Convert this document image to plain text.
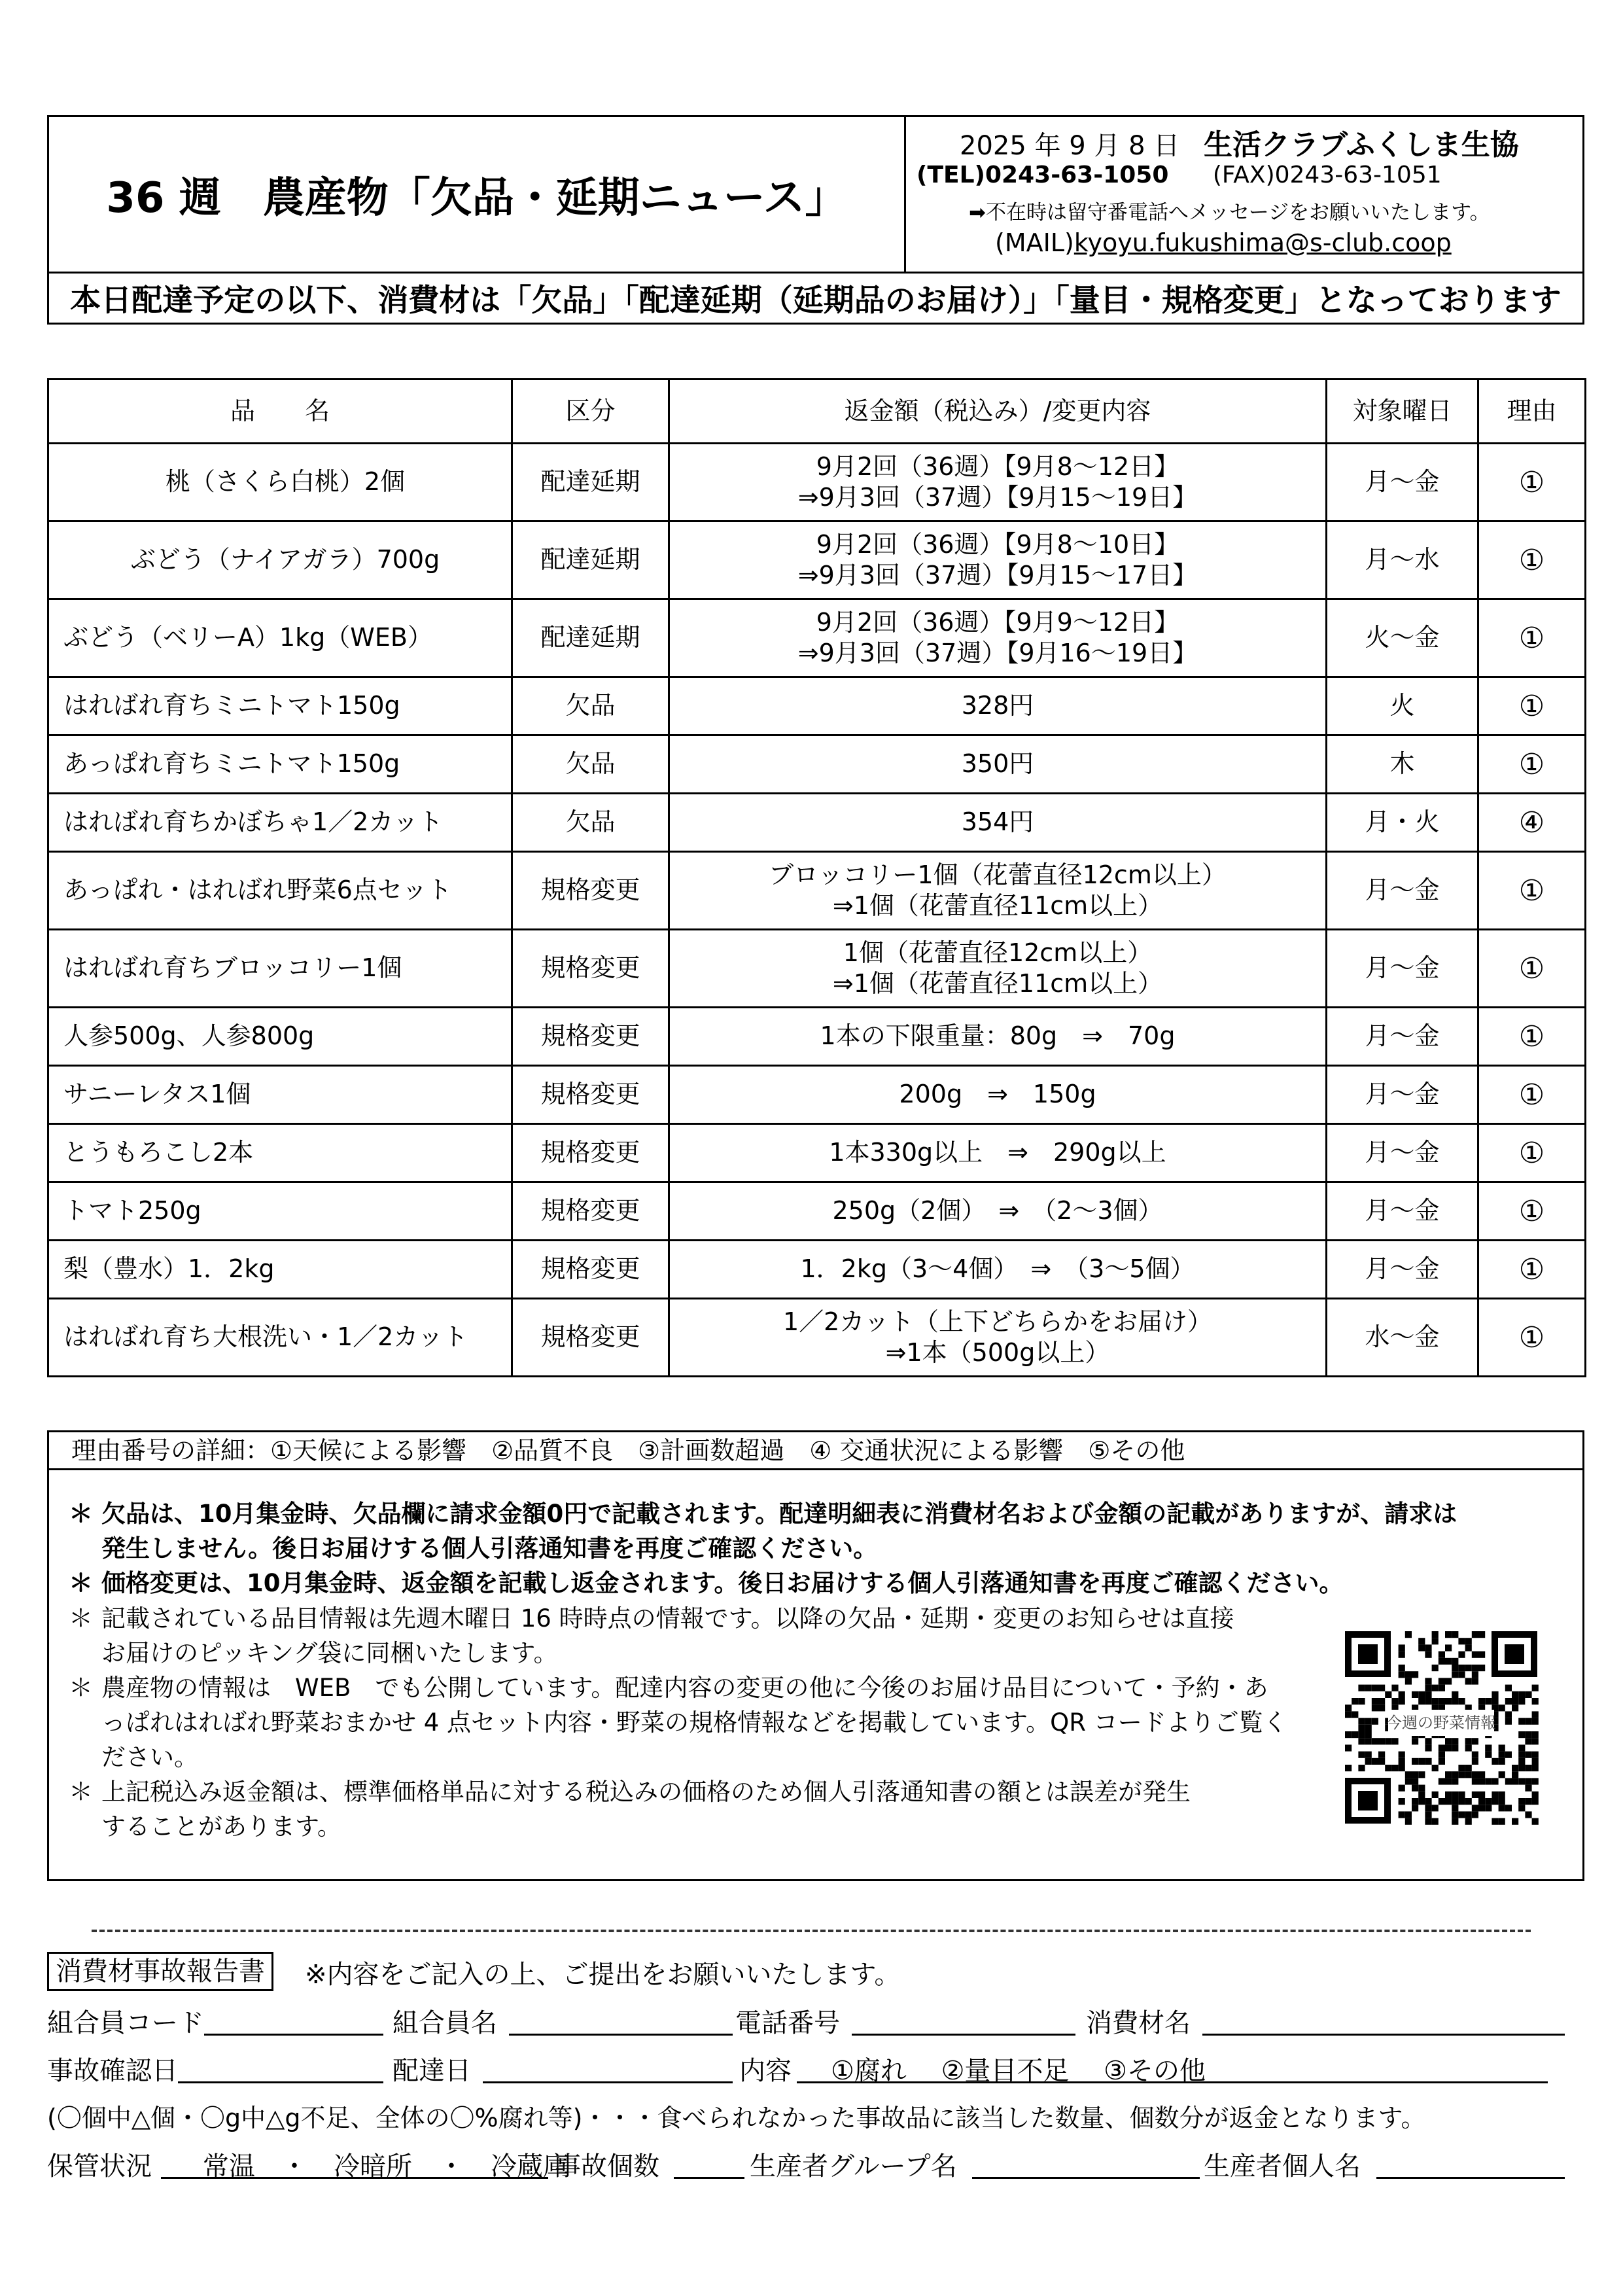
36 週　農産物「欠品・延期ニュース」
2025 年 9 月 8 日 生活クラブふくしま生協
(TEL)0243-63-1050 (FAX)0243-63-1051
➡不在時は留守番電話へメッセージをお願いいたします。
(MAIL)kyoyu.fukushima@s-club.coop
本日配達予定の以下、消費材は「欠品」「配達延期（延期品のお届け）」「量目・規格変更」となっております
品　　名	区分	返金額（税込み）/変更内容	対象曜日	理由
桃（さくら白桃）2個	配達延期	9月2回（36週）【9月8～12日】
⇒9月3回（37週）【9月15～19日】	月～金	①
ぶどう（ナイアガラ）700g	配達延期	9月2回（36週）【9月8～10日】
⇒9月3回（37週）【9月15～17日】	月～水	①
ぶどう（ベリーA）1kg（WEB）	配達延期	9月2回（36週）【9月9～12日】
⇒9月3回（37週）【9月16～19日】	火～金	①
はればれ育ちミニトマト150g	欠品	328円	火	①
あっぱれ育ちミニトマト150g	欠品	350円	木	①
はればれ育ちかぼちゃ1／2カット	欠品	354円	月・火	④
あっぱれ・はればれ野菜6点セット	規格変更	ブロッコリー1個（花蕾直径12cm以上）
⇒1個（花蕾直径11cm以上）	月～金	①
はればれ育ちブロッコリー1個	規格変更	1個（花蕾直径12cm以上）
⇒1個（花蕾直径11cm以上）	月～金	①
人参500g、人参800g	規格変更	1本の下限重量：80g　⇒　70g	月～金	①
サニーレタス1個	規格変更	200g　⇒　150g	月～金	①
とうもろこし2本	規格変更	1本330g以上　⇒　290g以上	月～金	①
トマト250g	規格変更	250g（2個）　⇒　（2～3個）	月～金	①
梨（豊水）1．2kg	規格変更	1．2kg（3～4個）　⇒　（3～5個）	月～金	①
はればれ育ち大根洗い・1／2カット	規格変更	1／2カット（上下どちらかをお届け）
⇒1本（500g以上）	水～金	①
理由番号の詳細：①天候による影響　②品質不良　③計画数超過　④ 交通状況による影響　⑤その他
＊ 欠品は、10月集金時、欠品欄に請求金額0円で記載されます。配達明細表に消費材名および金額の記載がありますが、請求は
発生しません。後日お届けする個人引落通知書を再度ご確認ください。
＊ 価格変更は、10月集金時、返金額を記載し返金されます。後日お届けする個人引落通知書を再度ご確認ください。
＊ 記載されている品目情報は先週木曜日 16 時時点の情報です。以降の欠品・延期・変更のお知らせは直接
お届けのピッキング袋に同梱いたします。
＊ 農産物の情報は　WEB　でも公開しています。配達内容の変更の他に今後のお届け品目について・予約・あ
っぱれはればれ野菜おまかせ 4 点セット内容・野菜の規格情報などを掲載しています。QR コードよりご覧く
ださい。
＊ 上記税込み返金額は、標準価格単品に対する税込みの価格のため個人引落通知書の額とは誤差が発生
することがあります。
今週の野菜情報
消費材事故報告書	※内容をご記入の上、ご提出をお願いいたします。
組合員コード	組合員名	電話番号	消費材名
事故確認日	配達日	内容 ①腐れ　 ②量目不足　 ③その他
(〇個中△個・〇g中△g不足、全体の〇%腐れ等)・・・食べられなかった事故品に該当した数量、個数分が返金となります。
保管状況 常温　・　冷暗所　・　冷蔵庫
事故個数	生産者グループ名	生産者個人名
